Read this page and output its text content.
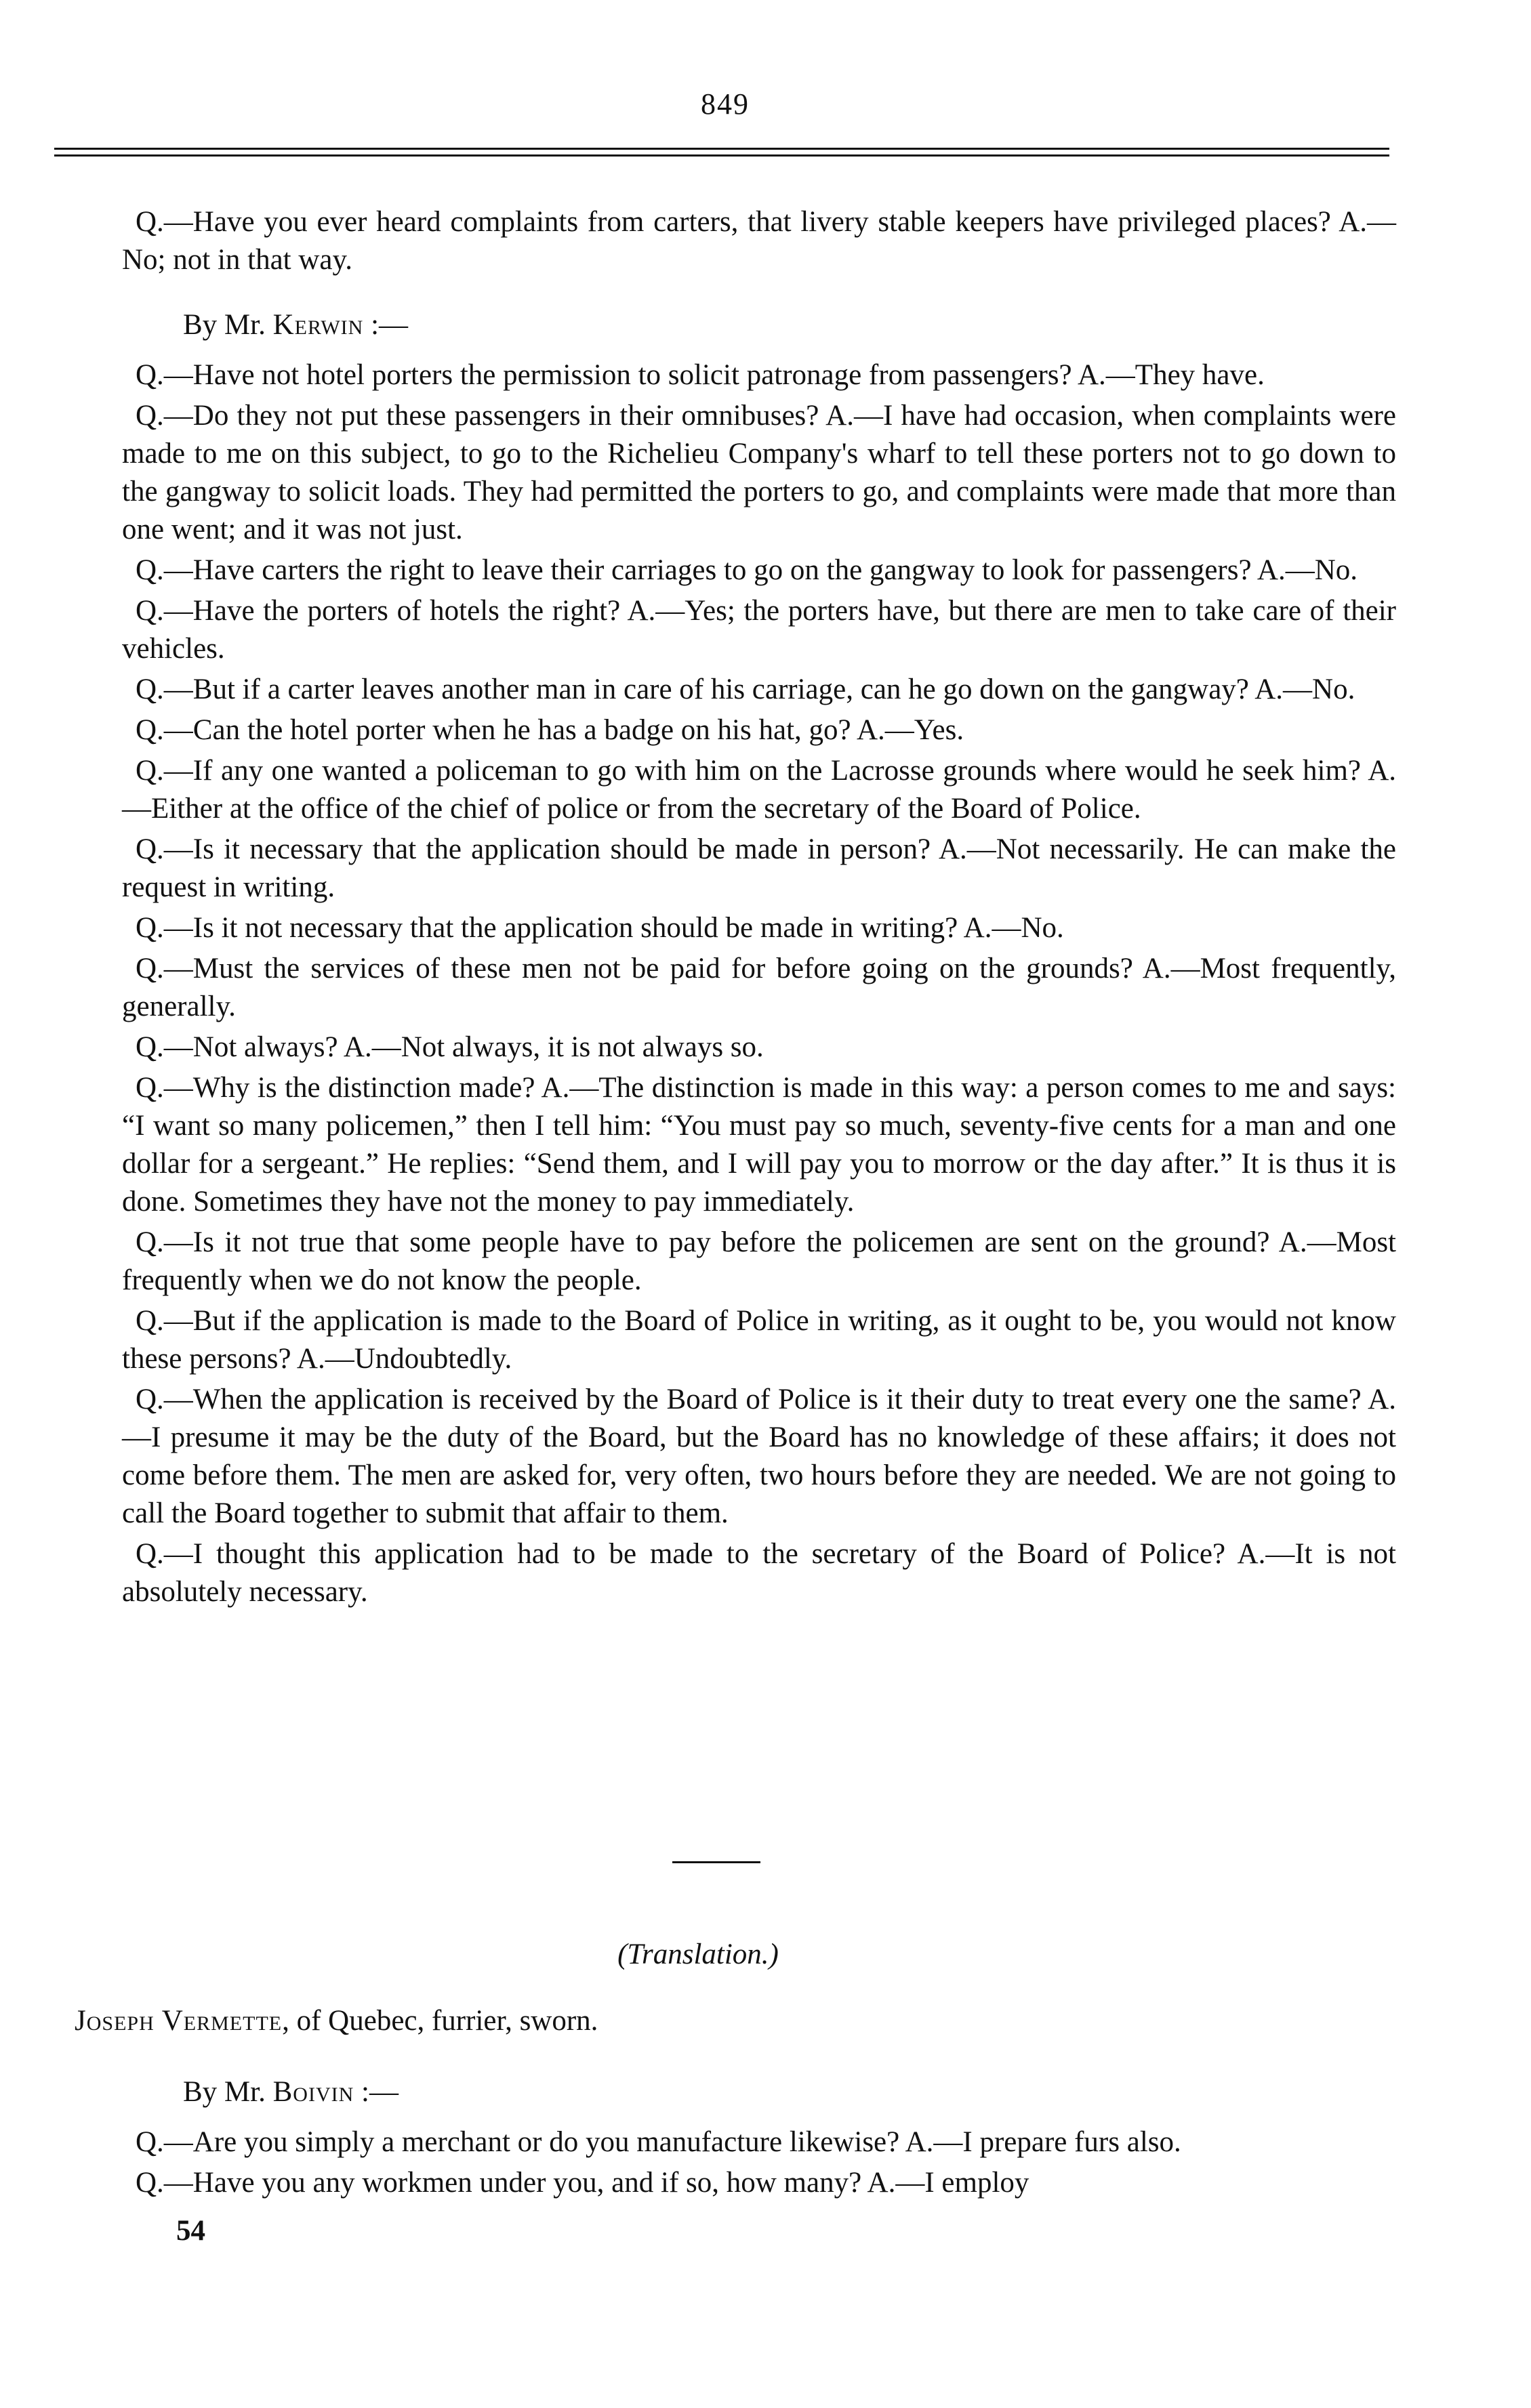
849

Q.—Have you ever heard complaints from carters, that livery stable keepers have privileged places? A.—No; not in that way.

By Mr. Kerwin :—

Q.—Have not hotel porters the permission to solicit patronage from passengers? A.—They have.

Q.—Do they not put these passengers in their omnibuses? A.—I have had occasion, when complaints were made to me on this subject, to go to the Richelieu Company's wharf to tell these porters not to go down to the gangway to solicit loads. They had permitted the porters to go, and complaints were made that more than one went; and it was not just.

Q.—Have carters the right to leave their carriages to go on the gangway to look for passengers? A.—No.

Q.—Have the porters of hotels the right? A.—Yes; the porters have, but there are men to take care of their vehicles.

Q.—But if a carter leaves another man in care of his carriage, can he go down on the gangway? A.—No.

Q.—Can the hotel porter when he has a badge on his hat, go? A.—Yes.

Q.—If any one wanted a policeman to go with him on the Lacrosse grounds where would he seek him? A.—Either at the office of the chief of police or from the secretary of the Board of Police.

Q.—Is it necessary that the application should be made in person? A.—Not necessarily. He can make the request in writing.

Q.—Is it not necessary that the application should be made in writing? A.—No.

Q.—Must the services of these men not be paid for before going on the grounds? A.—Most frequently, generally.

Q.—Not always? A.—Not always, it is not always so.

Q.—Why is the distinction made? A.—The distinction is made in this way: a person comes to me and says: “I want so many policemen,” then I tell him: “You must pay so much, seventy-five cents for a man and one dollar for a sergeant.” He replies: “Send them, and I will pay you to morrow or the day after.” It is thus it is done. Sometimes they have not the money to pay immediately.

Q.—Is it not true that some people have to pay before the policemen are sent on the ground? A.—Most frequently when we do not know the people.

Q.—But if the application is made to the Board of Police in writing, as it ought to be, you would not know these persons? A.—Undoubtedly.

Q.—When the application is received by the Board of Police is it their duty to treat every one the same? A.—I presume it may be the duty of the Board, but the Board has no knowledge of these affairs; it does not come before them. The men are asked for, very often, two hours before they are needed. We are not going to call the Board together to submit that affair to them.

Q.—I thought this application had to be made to the secretary of the Board of Police? A.—It is not absolutely necessary.

(Translation.)
Joseph Vermette, of Quebec, furrier, sworn.

By Mr. Boivin :—

Q.—Are you simply a merchant or do you manufacture likewise? A.—I prepare furs also.

Q.—Have you any workmen under you, and if so, how many? A.—I employ

54
